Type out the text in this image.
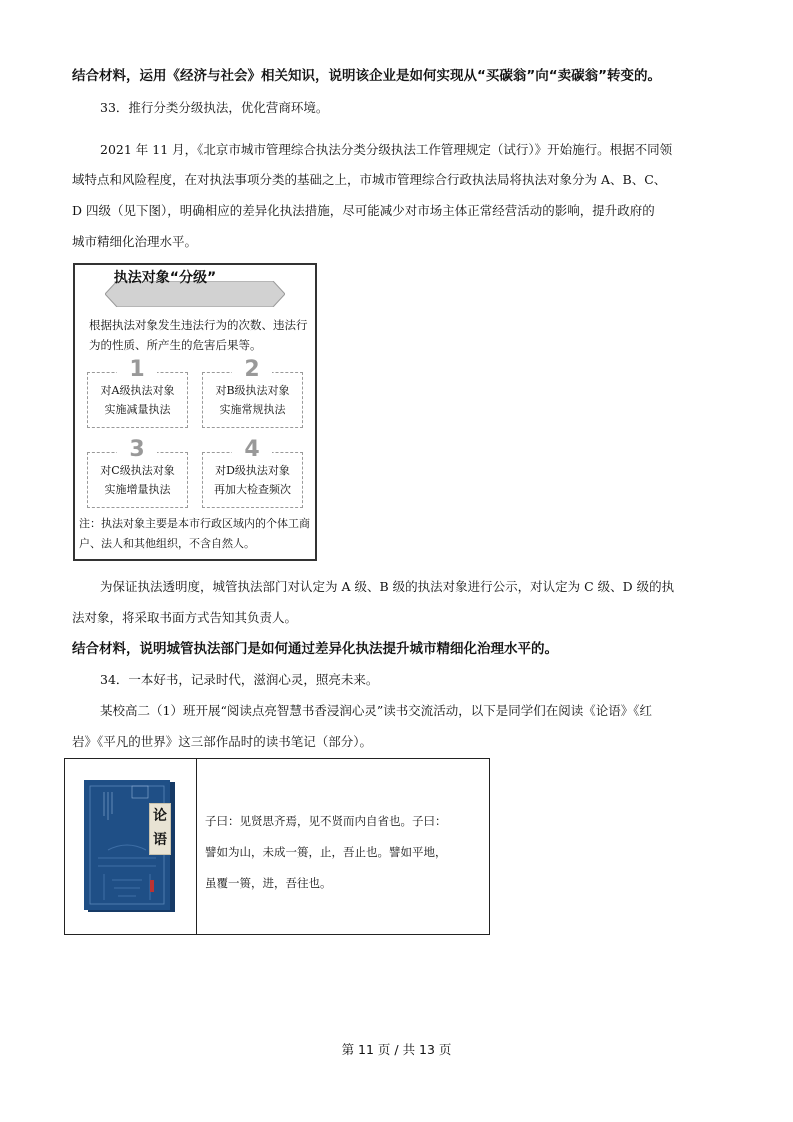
结合材料，运用《经济与社会》相关知识，说明该企业是如何实现从“买碳翁”向“卖碳翁”转变的。
33．推行分类分级执法，优化营商环境。
2021 年 11 月，《北京市城市管理综合执法分类分级执法工作管理规定（试行）》开始施行。根据不同领
域特点和风险程度，在对执法事项分类的基础之上，市城市管理综合行政执法局将执法对象分为 A、B、C、
D 四级（见下图），明确相应的差异化执法措施，尽可能减少对市场主体正常经营活动的影响，提升政府的
城市精细化治理水平。
执法对象“分级”
根据执法对象发生违法行为的次数、违法行为的性质、所产生的危害后果等。
对A级执法对象
实施减量执法
1
对B级执法对象
实施常规执法
2
对C级执法对象
实施增量执法
3
对D级执法对象
再加大检查频次
4
注：执法对象主要是本市行政区域内的个体工商户、法人和其他组织，不含自然人。
为保证执法透明度，城管执法部门对认定为 A 级、B 级的执法对象进行公示，对认定为 C 级、D 级的执
法对象，将采取书面方式告知其负责人。
结合材料，说明城管执法部门是如何通过差异化执法提升城市精细化治理水平的。
34．一本好书，记录时代，滋润心灵，照亮未来。
某校高二（1）班开展“阅读点亮智慧书香浸润心灵”读书交流活动，以下是同学们在阅读《论语》《红
岩》《平凡的世界》这三部作品时的读书笔记（部分）。
论
语
子曰：见贤思齐焉，见不贤而内自省也。子曰：
譬如为山，未成一篑，止，吾止也。譬如平地，
虽覆一篑，进，吾往也。
第 11 页 / 共 13 页
